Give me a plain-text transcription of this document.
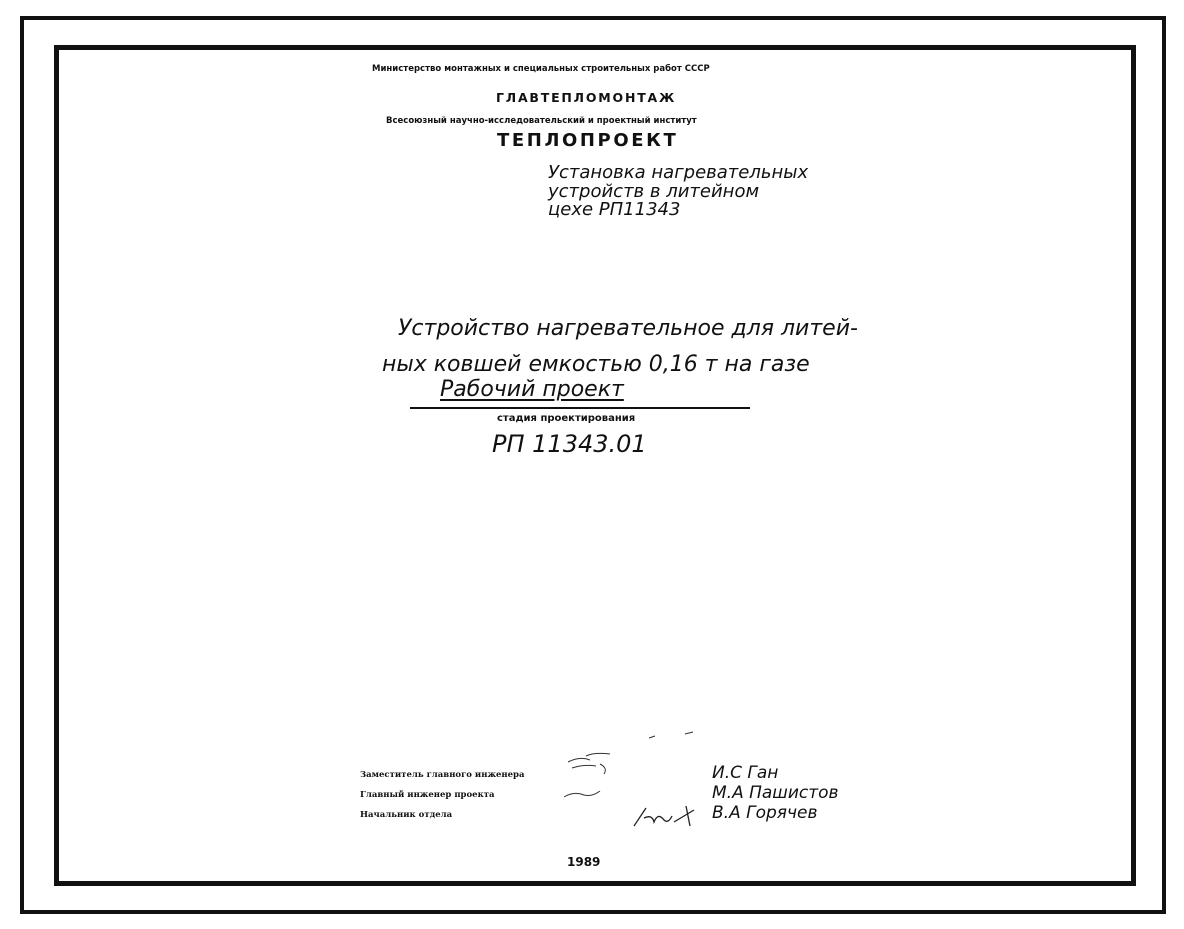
Министерство монтажных и специальных строительных работ СССР
ГЛАВТЕПЛОМОНТАЖ
Всесоюзный научно-исследовательский и проектный институт
ТЕПЛОПРОЕКТ
Установка нагревательных
устройств в литейном
цехе РП11343
Устройство нагревательное для литей-
ных ковшей емкостью 0,16 т на газе
Рабочий проект
стадия проектирования
РП 11343.01
Заместитель главного инженера
Главный инженер проекта
Начальник отдела
И.С Ган
М.А Пашистов
В.А Горячев
1989
